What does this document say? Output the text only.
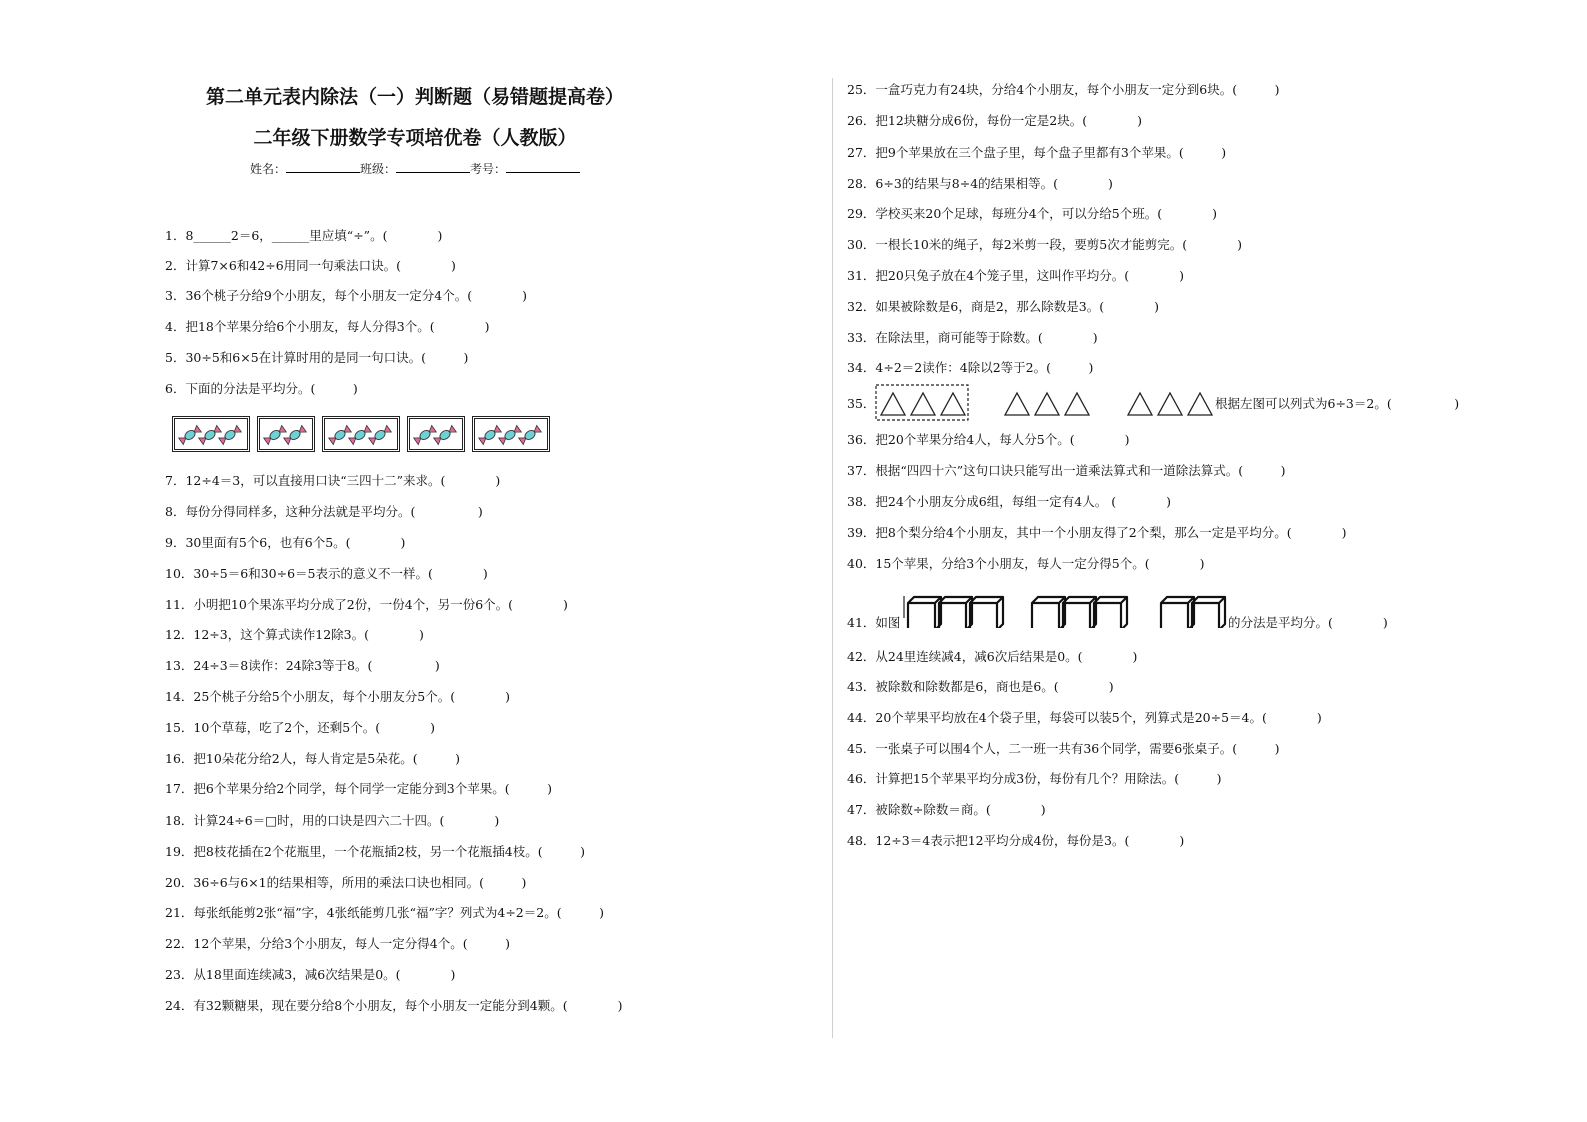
第二单元表内除法（一）判断题（易错题提高卷）
二年级下册数学专项培优卷（人教版）
姓名：	班级：	考号：
1．8______2＝6，______里应填“÷”。(　　　　)
2．计算7×6和42÷6用同一句乘法口诀。(　　　　)
3．36个桃子分给9个小朋友，每个小朋友一定分4个。(　　　　)
4．把18个苹果分给6个小朋友，每人分得3个。(　　　　)
5．30÷5和6×5在计算时用的是同一句口诀。(　　　)
6．下面的分法是平均分。(　　　)
7．12÷4＝3，可以直接用口诀“三四十二”来求。(　　　　)
8．每份分得同样多，这种分法就是平均分。(　　　　　)
9．30里面有5个6，也有6个5。(　　　　)
10．30÷5＝6和30÷6＝5表示的意义不一样。(　　　　)
11．小明把10个果冻平均分成了2份，一份4个，另一份6个。(　　　　)
12．12÷3，这个算式读作12除3。(　　　　)
13．24÷3＝8读作：24除3等于8。(　　　　　)
14．25个桃子分给5个小朋友，每个小朋友分5个。(　　　　)
15．10个草莓，吃了2个，还剩5个。(　　　　)
16．把10朵花分给2人，每人肯定是5朵花。(　　　)
17．把6个苹果分给2个同学，每个同学一定能分到3个苹果。(　　　)
18．计算24÷6＝□时，用的口诀是四六二十四。(　　　　)
19．把8枝花插在2个花瓶里，一个花瓶插2枝，另一个花瓶插4枝。(　　　)
20．36÷6与6×1的结果相等，所用的乘法口诀也相同。(　　　)
21．每张纸能剪2张“福”字，4张纸能剪几张“福”字？列式为4÷2＝2。(　　　)
22．12个苹果，分给3个小朋友，每人一定分得4个。(　　　)
23．从18里面连续减3，减6次结果是0。(　　　　)
24．有32颗糖果，现在要分给8个小朋友，每个小朋友一定能分到4颗。(　　　　)
25．一盒巧克力有24块，分给4个小朋友，每个小朋友一定分到6块。(　　　)
26．把12块糖分成6份，每份一定是2块。(　　　　)
27．把9个苹果放在三个盘子里，每个盘子里都有3个苹果。(　　　)
28．6÷3的结果与8÷4的结果相等。(　　　　)
29．学校买来20个足球，每班分4个，可以分给5个班。(　　　　)
30．一根长10米的绳子，每2米剪一段，要剪5次才能剪完。(　　　　)
31．把20只兔子放在4个笼子里，这叫作平均分。(　　　　)
32．如果被除数是6，商是2，那么除数是3。(　　　　)
33．在除法里，商可能等于除数。(　　　　)
34．4÷2＝2读作：4除以2等于2。(　　　)
35．	根据左图可以列式为6÷3＝2。(　　　　　)
36．把20个苹果分给4人，每人分5个。(　　　　)
37．根据“四四十六”这句口诀只能写出一道乘法算式和一道除法算式。(　　　)
38．把24个小朋友分成6组，每组一定有4人。 (　　　　)
39．把8个梨分给4个小朋友，其中一个小朋友得了2个梨，那么一定是平均分。(　　　　)
40．15个苹果，分给3个小朋友，每人一定分得5个。(　　　　)
41．如图	的分法是平均分。(　　　　)
42．从24里连续减4，减6次后结果是0。(　　　　)
43．被除数和除数都是6，商也是6。(　　　　)
44．20个苹果平均放在4个袋子里，每袋可以装5个，列算式是20÷5＝4。(　　　　)
45．一张桌子可以围4个人，二一班一共有36个同学，需要6张桌子。(　　　)
46．计算把15个苹果平均分成3份，每份有几个？用除法。(　　　)
47．被除数÷除数＝商。(　　　　)
48．12÷3＝4表示把12平均分成4份，每份是3。(　　　　)
